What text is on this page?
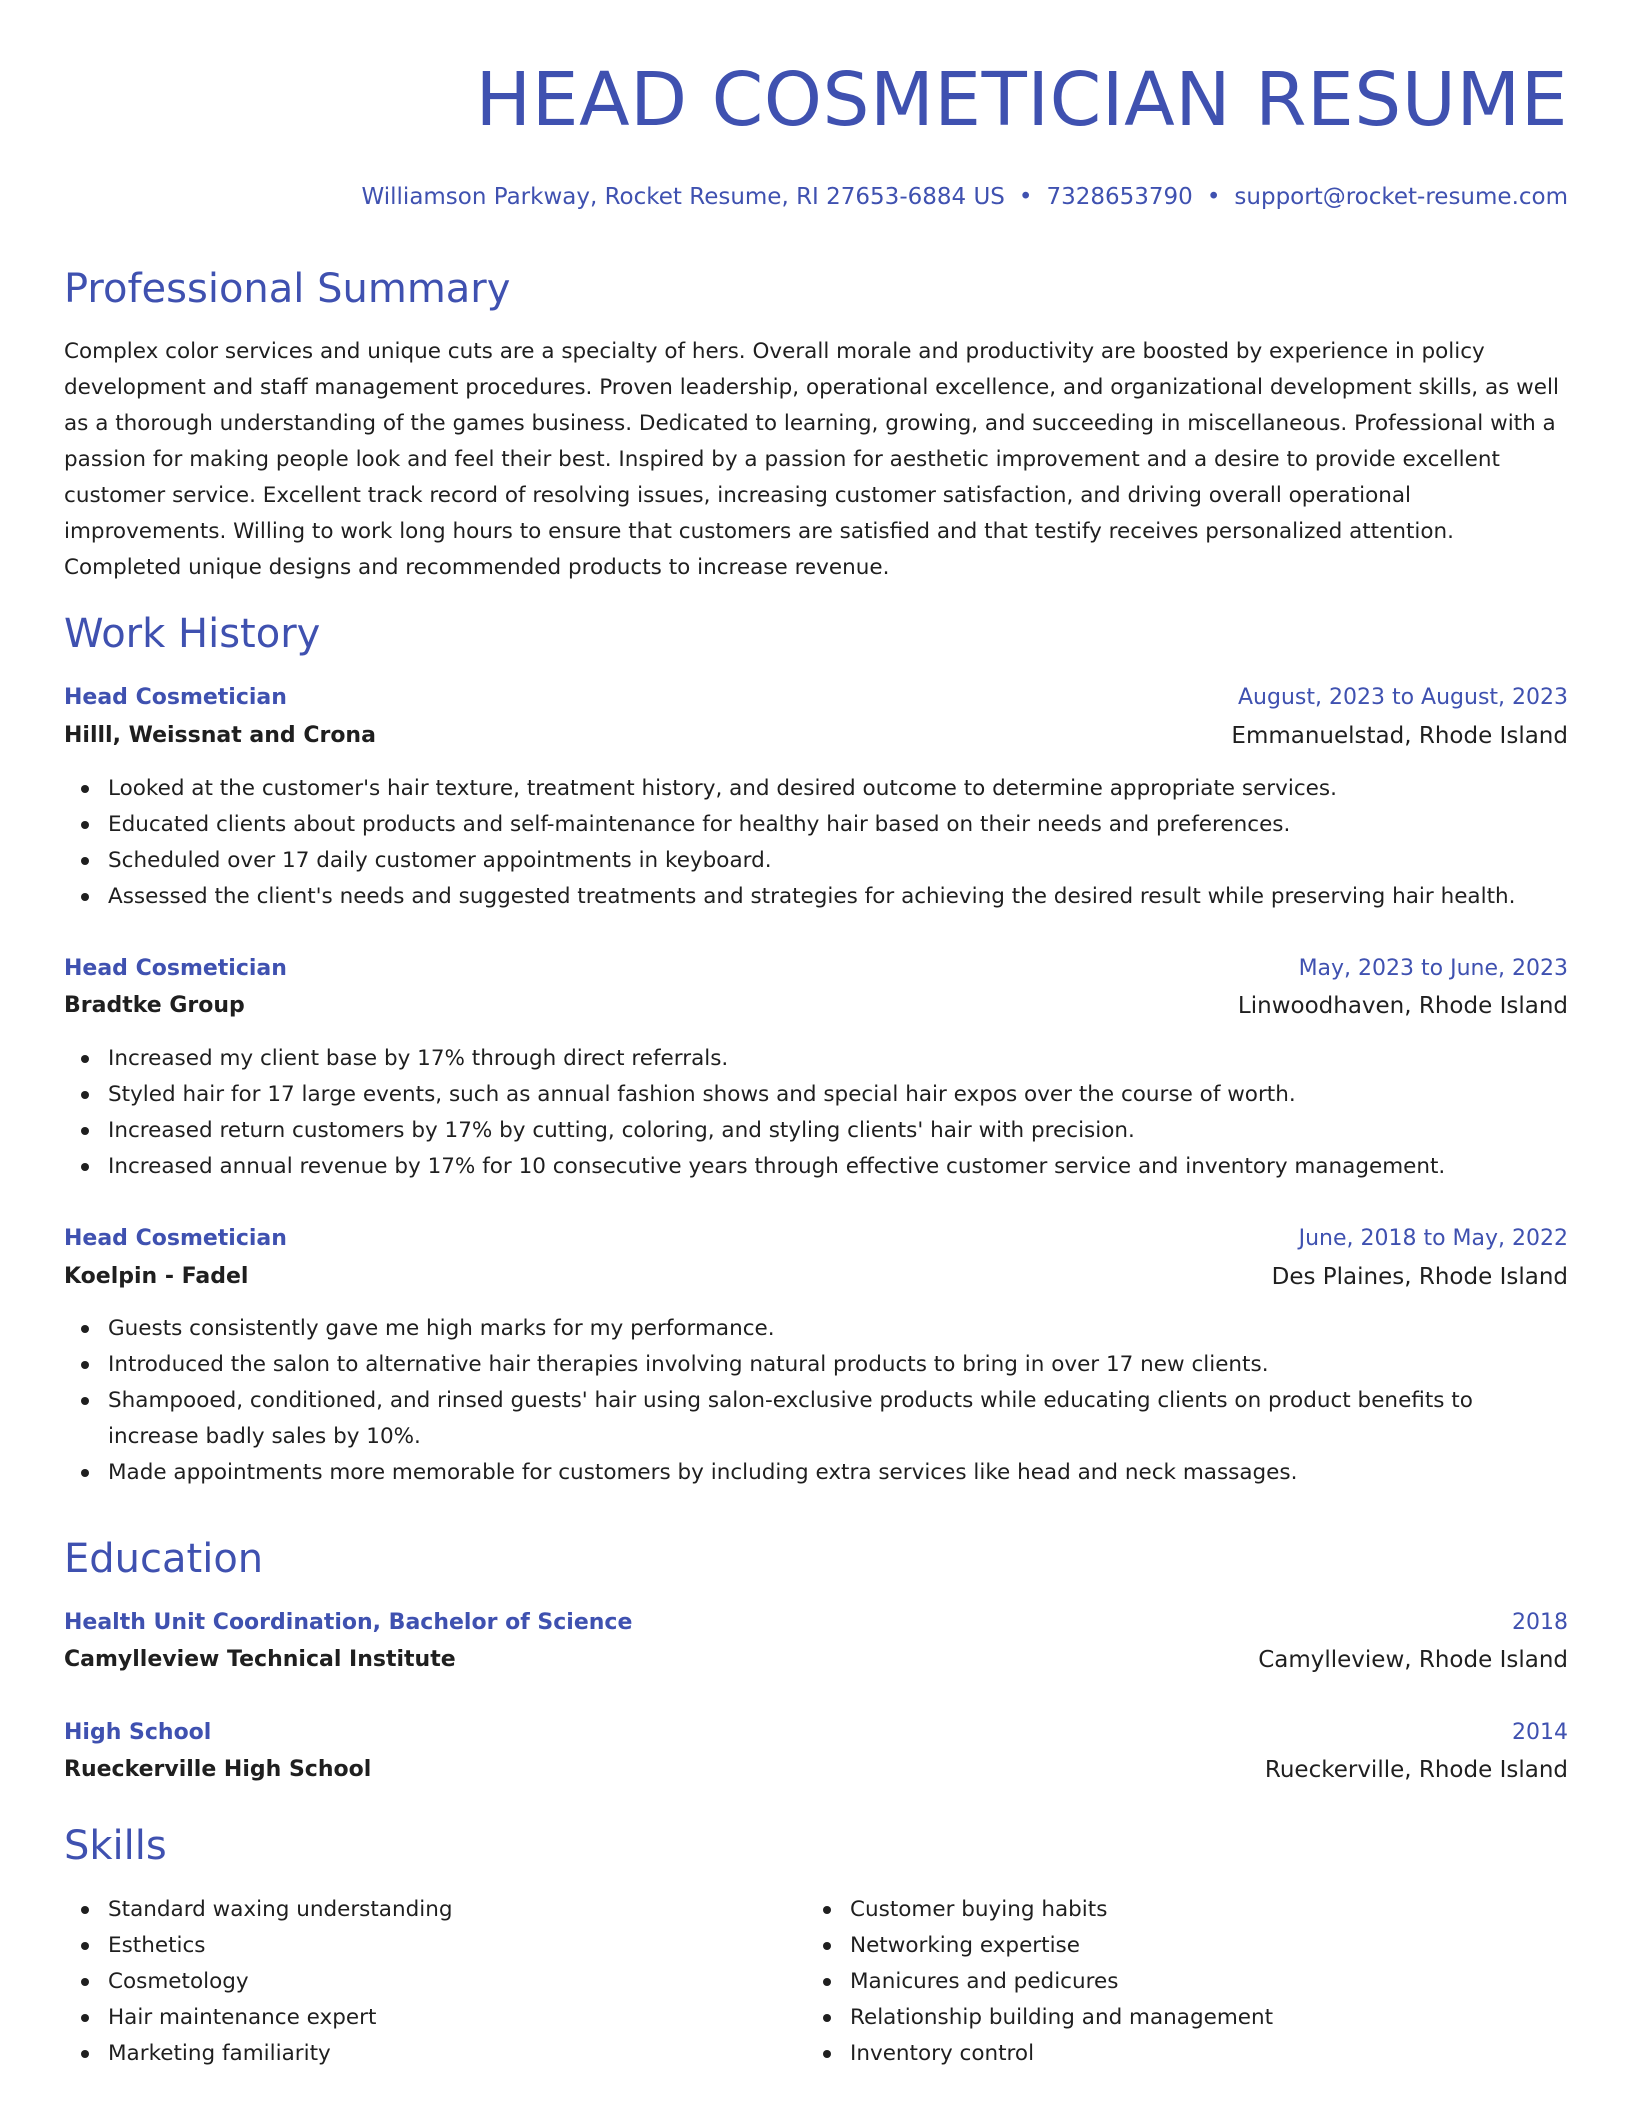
HEAD COSMETICIAN RESUME
Williamson Parkway, Rocket Resume, RI 27653-6884 US • 7328653790 • support@rocket-resume.com
Professional Summary

Complex color services and unique cuts are a specialty of hers. Overall morale and productivity are boosted by experience in policy development and staff management procedures. Proven leadership, operational excellence, and organizational development skills, as well as a thorough understanding of the games business. Dedicated to learning, growing, and succeeding in miscellaneous. Professional with a passion for making people look and feel their best. Inspired by a passion for aesthetic improvement and a desire to provide excellent customer service. Excellent track record of resolving issues, increasing customer satisfaction, and driving overall operational improvements. Willing to work long hours to ensure that customers are satisfied and that testify receives personalized attention. Completed unique designs and recommended products to increase revenue.

Work History
Head Cosmetician	August, 2023 to August, 2023
Hilll, Weissnat and Crona	Emmanuelstad, Rhode Island
Looked at the customer's hair texture, treatment history, and desired outcome to determine appropriate services.
Educated clients about products and self-maintenance for healthy hair based on their needs and preferences.
Scheduled over 17 daily customer appointments in keyboard.
Assessed the client's needs and suggested treatments and strategies for achieving the desired result while preserving hair health.
Head Cosmetician	May, 2023 to June, 2023
Bradtke Group	Linwoodhaven, Rhode Island
Increased my client base by 17% through direct referrals.
Styled hair for 17 large events, such as annual fashion shows and special hair expos over the course of worth.
Increased return customers by 17% by cutting, coloring, and styling clients' hair with precision.
Increased annual revenue by 17% for 10 consecutive years through effective customer service and inventory management.
Head Cosmetician	June, 2018 to May, 2022
Koelpin - Fadel	Des Plaines, Rhode Island
Guests consistently gave me high marks for my performance.
Introduced the salon to alternative hair therapies involving natural products to bring in over 17 new clients.
Shampooed, conditioned, and rinsed guests' hair using salon-exclusive products while educating clients on product benefits to increase badly sales by 10%.
Made appointments more memorable for customers by including extra services like head and neck massages.
Education
Health Unit Coordination, Bachelor of Science	2018
Camylleview Technical Institute	Camylleview, Rhode Island
High School	2014
Rueckerville High School	Rueckerville, Rhode Island
Skills
Standard waxing understanding
Esthetics
Cosmetology
Hair maintenance expert
Marketing familiarity
Customer buying habits
Networking expertise
Manicures and pedicures
Relationship building and management
Inventory control
